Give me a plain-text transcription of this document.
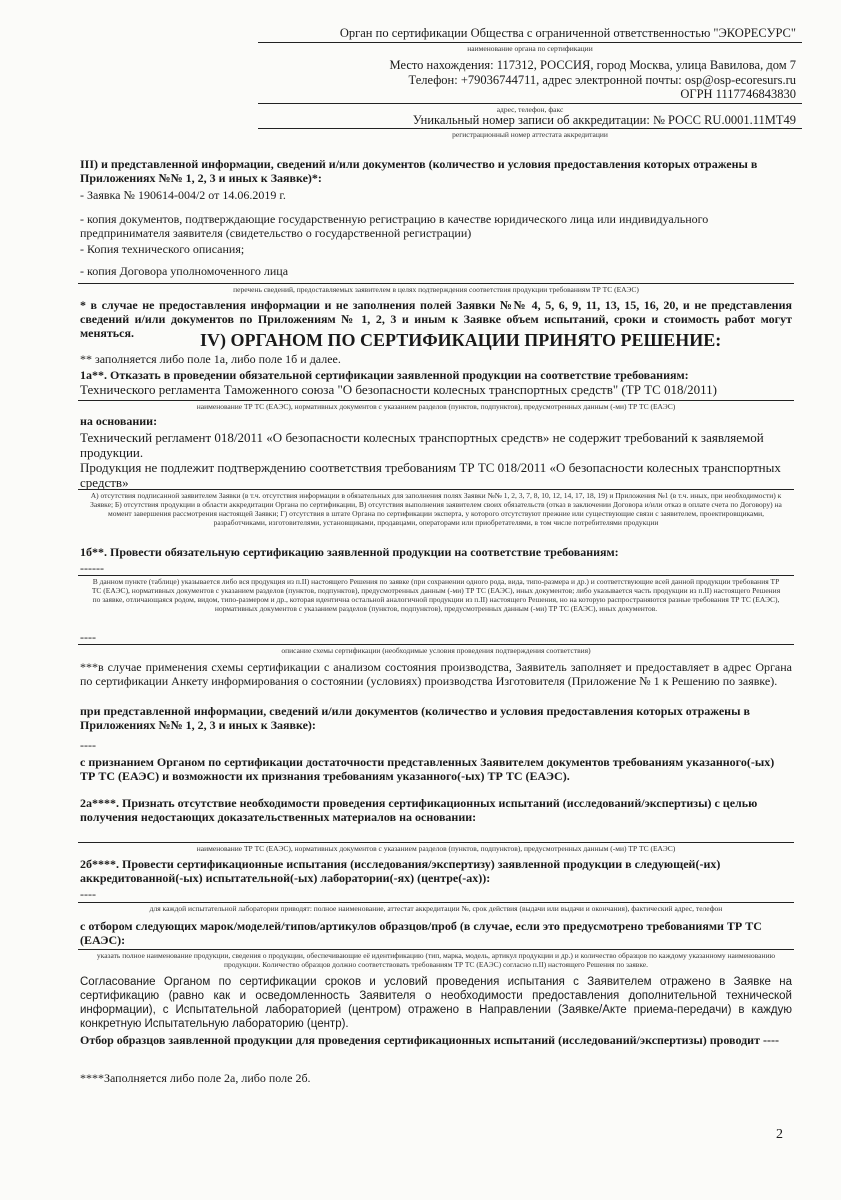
Орган по сертификации Общества с ограниченной ответственностью "ЭКОРЕСУРС"
наименование органа по сертификации
Место нахождения: 117312, РОССИЯ, город Москва, улица Вавилова, дом 7
Телефон: +79036744711, адрес электронной почты: osp@osp-ecoresurs.ru
ОГРН 1117746843830
адрес, телефон, факс
Уникальный номер записи об аккредитации: № РОСС RU.0001.11МТ49
регистрационный номер аттестата аккредитации
III) и представленной информации, сведений и/или документов (количество и условия предоставления которых отражены в Приложениях №№ 1, 2, 3 и иных к Заявке)*:
- Заявка № 190614-004/2 от 14.06.2019 г.
- копия документов, подтверждающие государственную регистрацию в качестве юридического лица или индивидуального предпринимателя заявителя (свидетельство о государственной регистрации)
- Копия технического описания;
- копия Договора уполномоченного лица
перечень сведений, предоставляемых заявителем в целях подтверждения соответствия продукции требованиям ТР ТС (ЕАЭС)
* в случае не предоставления информации и не заполнения полей Заявки №№ 4, 5, 6, 9, 11, 13, 15, 16, 20, и не представления сведений и/или документов по Приложениям № 1, 2, 3 и иным к Заявке объем испытаний, сроки и стоимость работ могут меняться.	IV) ОРГАНОМ ПО СЕРТИФИКАЦИИ ПРИНЯТО РЕШЕНИЕ:
** заполняется либо поле 1а, либо поле 1б и далее.
1а**. Отказать в проведении обязательной сертификации заявленной продукции на соответствие требованиям:
Технического регламента Таможенного союза "О безопасности колесных транспортных средств" (ТР ТС 018/2011)
наименование ТР ТС (ЕАЭС), нормативных документов с указанием разделов (пунктов, подпунктов), предусмотренных данным (-ми) ТР ТС (ЕАЭС)
на основании:
Технический регламент 018/2011 «О безопасности колесных транспортных средств» не содержит требований к заявляемой продукции.
Продукция не подлежит подтверждению соответствия требованиям ТР ТС 018/2011 «О безопасности колесных транспортных средств»
А) отсутствия подписанной заявителем Заявки (в т.ч. отсутствия информации в обязательных для заполнения полях Заявки №№ 1, 2, 3, 7, 8, 10, 12, 14, 17, 18, 19) и Приложения №1 (в т.ч. иных, при необходимости) к Заявке; Б) отсутствия продукции в области аккредитации Органа по сертификации, В) отсутствия выполнения заявителем своих обязательств (отказ в заключении Договора и/или отказ в оплате счета по Договору) на момент завершения рассмотрения настоящей Заявки; Г) отсутствия в штате Органа по сертификации эксперта, у которого отсутствуют прежние или существующие связи с заявителем, проектировщиками, разработчиками, изготовителями, установщиками, продавцами, операторами или приобретателями, в том числе потребителями продукции
1б**. Провести обязательную сертификацию заявленной продукции на соответствие требованиям:
------
В данном пункте (таблице) указывается либо вся продукция из п.II) настоящего Решения по заявке (при сохранении одного рода, вида, типо-размера и др.) и соответствующие всей данной продукции требования ТР ТС (ЕАЭС), нормативных документов с указанием разделов (пунктов, подпунктов), предусмотренных данным (-ми) ТР ТС (ЕАЭС), иных документов; либо указывается часть продукции из п.II) настоящего Решения по заявке, отличающаяся родом, видом, типо-размером и др., которая идентична остальной аналогичной продукции из п.II) настоящего Решения, но на которую распространяются разные требования ТР ТС (ЕАЭС), нормативных документов с указанием разделов (пунктов, подпунктов), предусмотренных данным (-ми) ТР ТС (ЕАЭС), иных документов.
----
описание схемы сертификации (необходимые условия проведения подтверждения соответствия)
***в случае применения схемы сертификации с анализом состояния производства, Заявитель заполняет и предоставляет в адрес Органа по сертификации Анкету информирования о состоянии (условиях) производства Изготовителя (Приложение № 1 к Решению по заявке).
при представленной информации, сведений и/или документов (количество и условия предоставления которых отражены в Приложениях №№ 1, 2, 3 и иных к Заявке):
----
с признанием Органом по сертификации достаточности представленных Заявителем документов требованиям указанного(-ых) ТР ТС (ЕАЭС) и возможности их признания требованиям указанного(-ых) ТР ТС (ЕАЭС).
2а****. Признать отсутствие необходимости проведения сертификационных испытаний (исследований/экспертизы) с целью получения недостающих доказательственных материалов на основании:
наименование ТР ТС (ЕАЭС), нормативных документов с указанием разделов (пунктов, подпунктов), предусмотренных данным (-ми) ТР ТС (ЕАЭС)
2б****. Провести сертификационные испытания (исследования/экспертизу) заявленной продукции в следующей(-их) аккредитованной(-ых) испытательной(-ых) лаборатории(-ях) (центре(-ах)):
----
для каждой испытательной лаборатории приводят: полное наименование, аттестат аккредитации №, срок действия (выдачи или выдачи и окончания), фактический адрес, телефон
с отбором следующих марок/моделей/типов/артикулов образцов/проб (в случае, если это предусмотрено требованиями ТР ТС (ЕАЭС):
указать полное наименование продукции, сведения о продукции, обеспечивающие её идентификацию (тип, марка, модель, артикул продукции и др.) и количество образцов по каждому указанному наименованию продукции. Количество образцов должно соответствовать требованиям ТР ТС (ЕАЭС) согласно п.II) настоящего Решения по заявке.
Согласование Органом по сертификации сроков и условий проведения испытания с Заявителем отражено в Заявке на сертификацию (равно как и осведомленность Заявителя о необходимости предоставления дополнительной технической информации), с Испытательной лабораторией (центром) отражено в Направлении (Заявке/Акте приема-передачи) в каждую конкретную Испытательную лабораторию (центр).
Отбор образцов заявленной продукции для проведения сертификационных испытаний (исследований/экспертизы) проводит ----
****Заполняется либо поле 2а, либо поле 2б.
2
